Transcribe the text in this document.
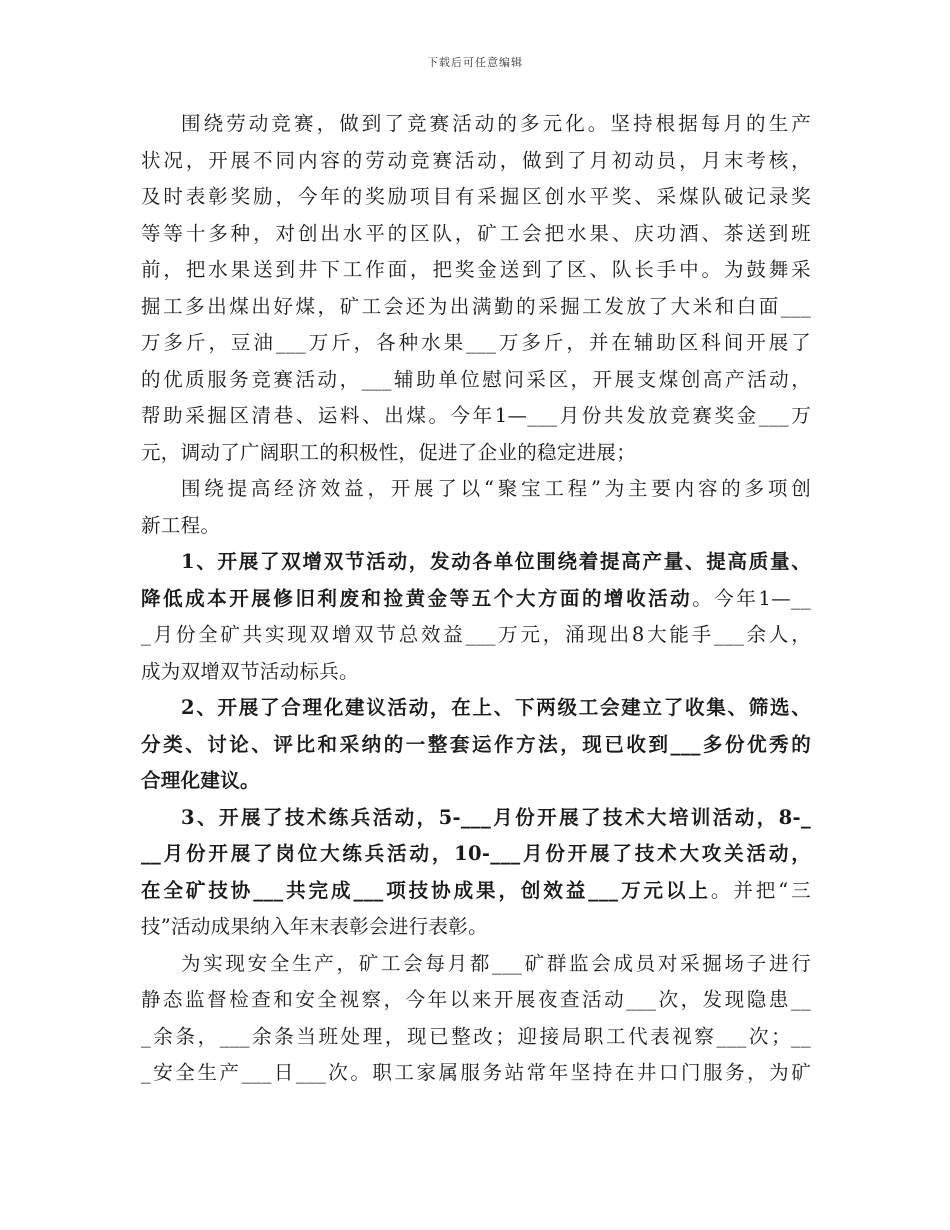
下载后可任意编辑
围绕劳动竞赛，做到了竞赛活动的多元化。坚持根据每月的生产
状况，开展不同内容的劳动竞赛活动，做到了月初动员，月末考核，
及时表彰奖励，今年的奖励项目有采掘区创水平奖、采煤队破记录奖
等等十多种，对创出水平的区队，矿工会把水果、庆功酒、茶送到班
前，把水果送到井下工作面，把奖金送到了区、队长手中。为鼓舞采
掘工多出煤出好煤，矿工会还为出满勤的采掘工发放了大米和白面___
万多斤，豆油___万斤，各种水果___万多斤，并在辅助区科间开展了
的优质服务竞赛活动，___辅助单位慰问采区，开展支煤创高产活动，
帮助采掘区清巷、运料、出煤。今年1—___月份共发放竞赛奖金___万
元，调动了广阔职工的积极性，促进了企业的稳定进展；
围绕提高经济效益，开展了以“聚宝工程”为主要内容的多项创
新工程。
1、开展了双增双节活动，发动各单位围绕着提高产量、提高质量、
降低成本开展修旧利废和捡黄金等五个大方面的增收活动。今年1—__
_月份全矿共实现双增双节总效益___万元，涌现出8大能手___余人，
成为双增双节活动标兵。
2、开展了合理化建议活动，在上、下两级工会建立了收集、筛选、
分类、讨论、评比和采纳的一整套运作方法，现已收到___多份优秀的
合理化建议。
3、开展了技术练兵活动，5-___月份开展了技术大培训活动，8-_
__月份开展了岗位大练兵活动，10-___月份开展了技术大攻关活动，
在全矿技协___共完成___项技协成果，创效益___万元以上。并把“三
技”活动成果纳入年末表彰会进行表彰。
为实现安全生产，矿工会每月都___矿群监会成员对采掘场子进行
静态监督检查和安全视察，今年以来开展夜查活动___次，发现隐患__
_余条，___余条当班处理，现已整改；迎接局职工代表视察___次；__
_安全生产___日___次。职工家属服务站常年坚持在井口门服务，为矿
